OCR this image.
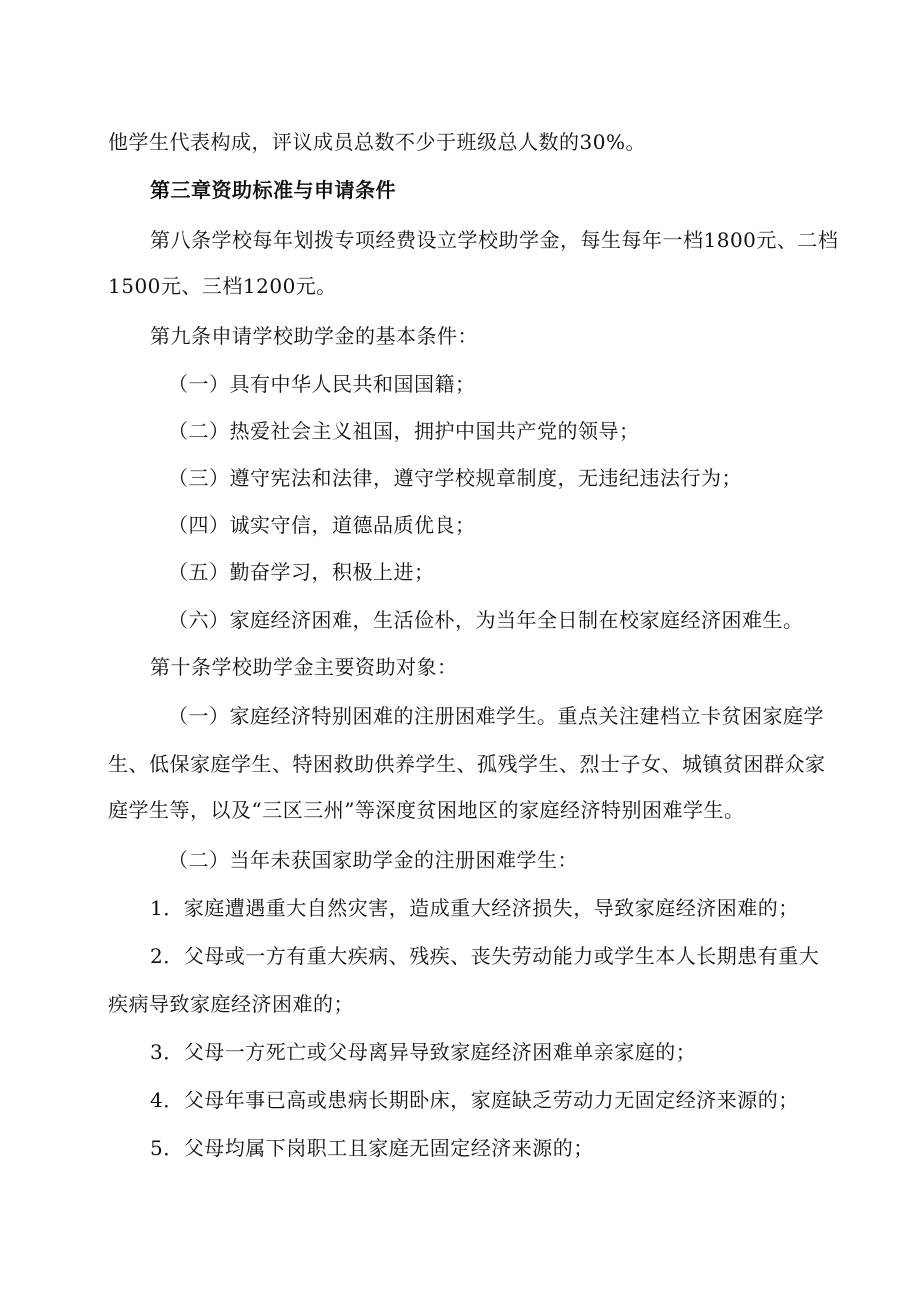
他学生代表构成，评议成员总数不少于班级总人数的30%。
第三章资助标准与申请条件
第八条学校每年划拨专项经费设立学校助学金，每生每年一档1800元、二档
1500元、三档1200元。
第九条申请学校助学金的基本条件：
（一）具有中华人民共和国国籍；
（二）热爱社会主义祖国，拥护中国共产党的领导；
（三）遵守宪法和法律，遵守学校规章制度，无违纪违法行为；
（四）诚实守信，道德品质优良；
（五）勤奋学习，积极上进；
（六）家庭经济困难，生活俭朴，为当年全日制在校家庭经济困难生。
第十条学校助学金主要资助对象：
（一）家庭经济特别困难的注册困难学生。重点关注建档立卡贫困家庭学
生、低保家庭学生、特困救助供养学生、孤残学生、烈士子女、城镇贫困群众家
庭学生等，以及“三区三州”等深度贫困地区的家庭经济特别困难学生。
（二）当年未获国家助学金的注册困难学生：
1．家庭遭遇重大自然灾害，造成重大经济损失，导致家庭经济困难的；
2．父母或一方有重大疾病、残疾、丧失劳动能力或学生本人长期患有重大
疾病导致家庭经济困难的；
3．父母一方死亡或父母离异导致家庭经济困难单亲家庭的；
4．父母年事已高或患病长期卧床，家庭缺乏劳动力无固定经济来源的；
5．父母均属下岗职工且家庭无固定经济来源的；
